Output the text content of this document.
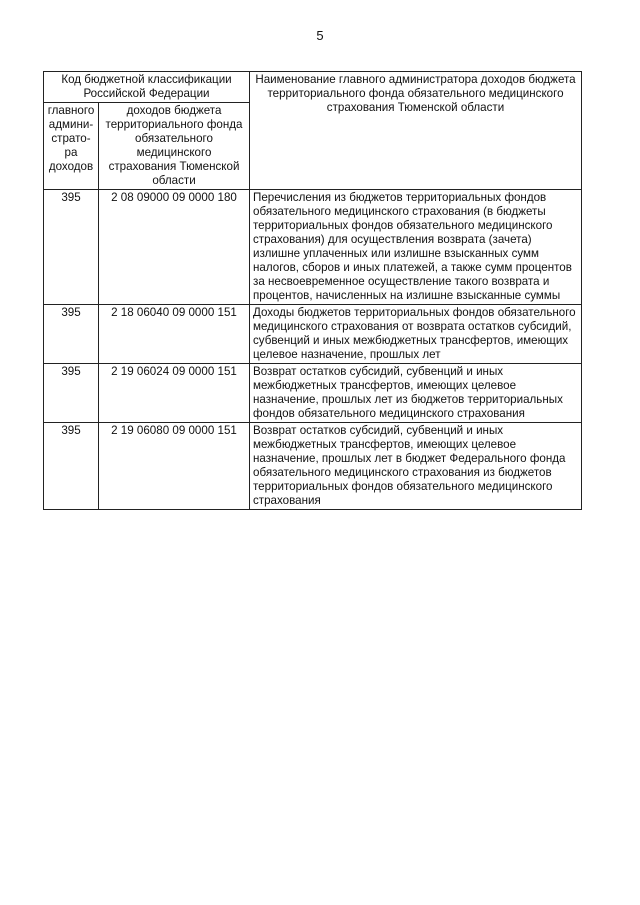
5
Код бюджетной классификации Российской Федерации		Наименование главного администратора доходов бюджета территориального фонда обязательного медицинского страхования Тюменской области
главного админи-страто-ра доходов	доходов бюджета территориального фонда обязательного медицинского страхования Тюменской области	
395	2 08 09000 09 0000 180	Перечисления из бюджетов территориальных фондов обязательного медицинского страхования (в бюджеты территориальных фондов обязательного медицинского страхования) для осуществления возврата (зачета) излишне уплаченных или излишне взысканных сумм налогов, сборов и иных платежей, а также сумм процентов за несвоевременное осуществление такого возврата и процентов, начисленных на излишне взысканные суммы
395	2 18 06040 09 0000 151	Доходы бюджетов территориальных фондов обязательного медицинского страхования от возврата остатков субсидий, субвенций и иных межбюджетных трансфертов, имеющих целевое назначение, прошлых лет
395	2 19 06024 09 0000 151	Возврат остатков субсидий, субвенций и иных межбюджетных трансфертов, имеющих целевое назначение, прошлых лет из бюджетов территориальных фондов обязательного медицинского страхования
395	2 19 06080 09 0000 151	Возврат остатков субсидий, субвенций и иных межбюджетных трансфертов, имеющих целевое назначение, прошлых лет в бюджет Федерального фонда обязательного медицинского страхования из бюджетов территориальных фондов обязательного медицинского страхования
